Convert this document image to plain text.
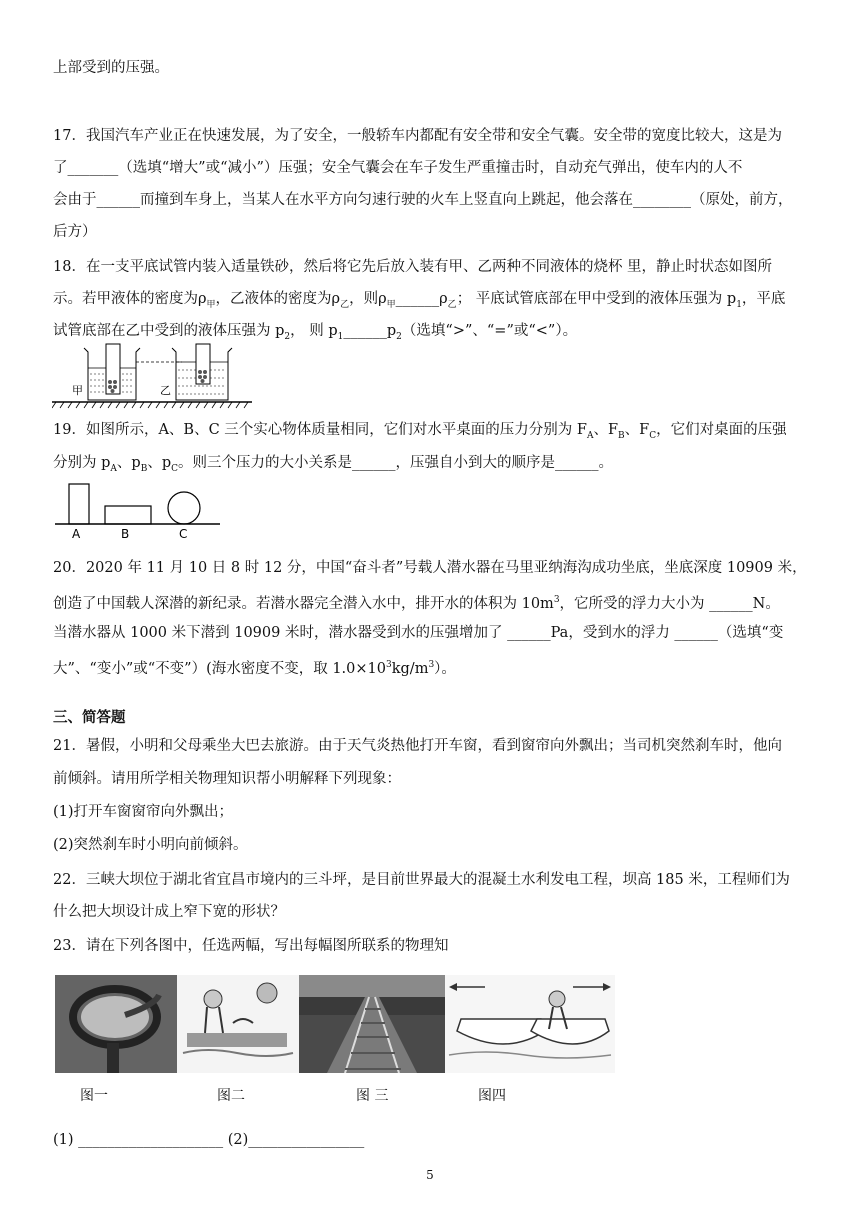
上部受到的压强。
17．我国汽车产业正在快速发展，为了安全，一般轿车内都配有安全带和安全气囊。安全带的宽度比较大，这是为
了_______（选填“增大”或“减小”）压强；安全气囊会在车子发生严重撞击时，自动充气弹出，使车内的人不
会由于______而撞到车身上，当某人在水平方向匀速行驶的火车上竖直向上跳起，他会落在________（原处，前方，
后方）
18．在一支平底试管内装入适量铁砂，然后将它先后放入装有甲、乙两种不同液体的烧杯 里，静止时状态如图所
示。若甲液体的密度为$\rho_甲$，乙液体的密度为$\rho_乙$，则$\rho_甲\_\_\_\_\_\_\rho_乙$； 平底试管底部在甲中受到的液体压强为 $p_1$，平底
试管底部在乙中受到的液体压强为 $p_2$， 则 $p_1\_\_\_\_\_\_p_2$（选填“>”、“=”或“<”）。
甲	乙
19．如图所示，A、B、C 三个实心物体质量相同，它们对水平桌面的压力分别为 $F_A$、$F_B$、$F_C$，它们对桌面的压强
分别为 $p_A$、$p_B$、$p_C$。则三个压力的大小关系是______，压强自小到大的顺序是______。
A	B	C
20．2020 年 11 月 10 日 8 时 12 分，中国“奋斗者”号载人潜水器在马里亚纳海沟成功坐底，坐底深度 10909 米，
创造了中国载人深潜的新纪录。若潜水器完全潜入水中，排开水的体积为 $10m^3$，它所受的浮力大小为 ______N。
当潜水器从 1000 米下潜到 10909 米时，潜水器受到水的压强增加了 ______Pa，受到水的浮力 ______（选填“变
大”、“变小”或“不变”）(海水密度不变，取 $1.0\times 10^3kg/m^3$）。
三、简答题
21．暑假，小明和父母乘坐大巴去旅游。由于天气炎热他打开车窗，看到窗帘向外飘出；当司机突然刹车时，他向
前倾斜。请用所学相关物理知识帮小明解释下列现象：
(1)打开车窗窗帘向外飘出；
(2)突然刹车时小明向前倾斜。
22．三峡大坝位于湖北省宜昌市境内的三斗坪，是目前世界最大的混凝土水利发电工程，坝高 185 米，工程师们为
什么把大坝设计成上窄下宽的形状？
23．请在下列各图中，任选两幅，写出每幅图所联系的物理知
图一	图二	图 三	图四
(1) ____________________ (2)________________
5
